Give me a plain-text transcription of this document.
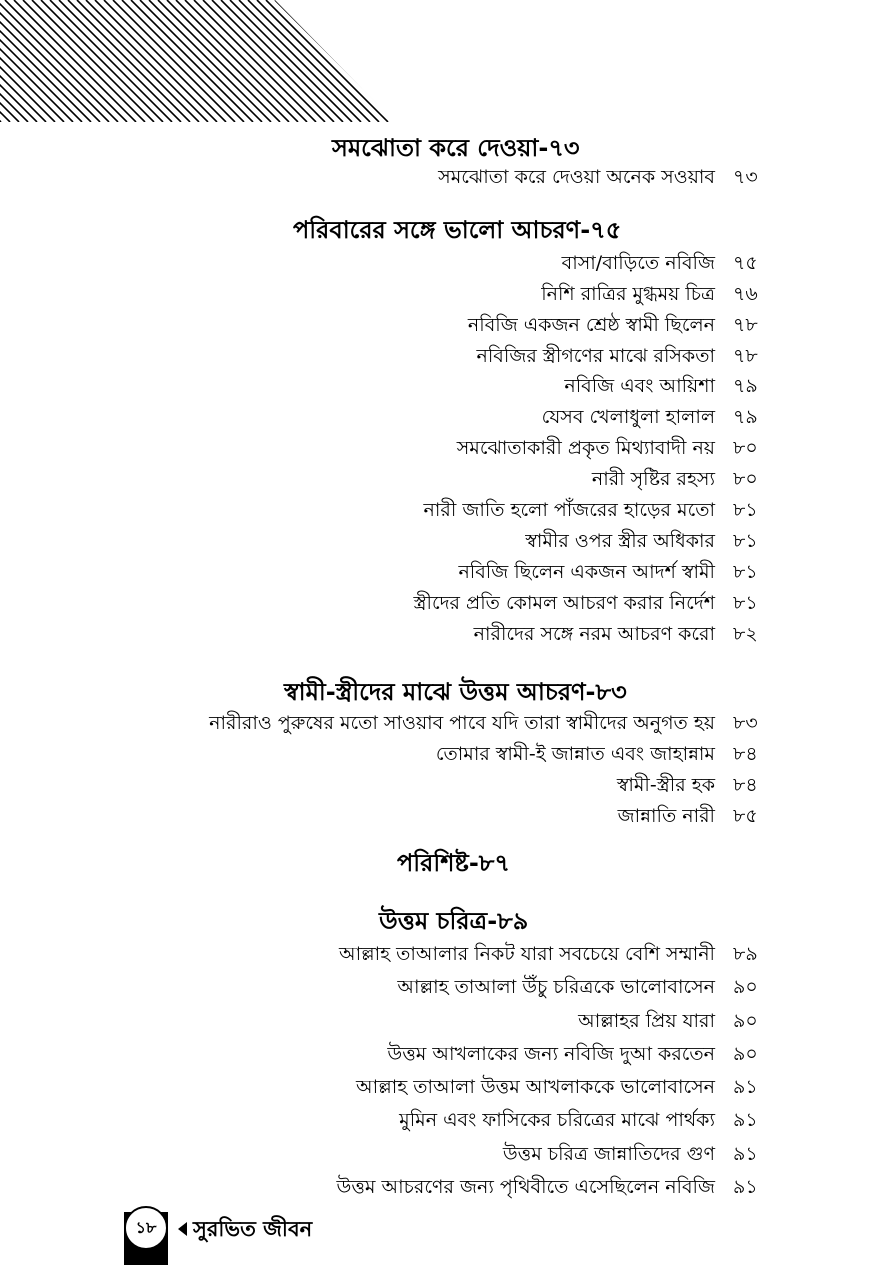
সমঝোতা করে দেওয়া-৭৩
সমঝোতা করে দেওয়া অনেক সওয়াব ৭৩
পরিবারের সঙ্গে ভালো আচরণ-৭৫
বাসা/বাড়িতে নবিজি ৭৫
নিশি রাত্রির মুগ্ধময় চিত্র ৭৬
নবিজি একজন শ্রেষ্ঠ স্বামী ছিলেন ৭৮
নবিজির স্ত্রীগণের মাঝে রসিকতা ৭৮
নবিজি এবং আয়িশা ৭৯
যেসব খেলাধুলা হালাল ৭৯
সমঝোতাকারী প্রকৃত মিথ্যাবাদী নয় ৮০
নারী সৃষ্টির রহস্য ৮০
নারী জাতি হলো পাঁজরের হাড়ের মতো ৮১
স্বামীর ওপর স্ত্রীর অধিকার ৮১
নবিজি ছিলেন একজন আদর্শ স্বামী ৮১
স্ত্রীদের প্রতি কোমল আচরণ করার নির্দেশ ৮১
নারীদের সঙ্গে নরম আচরণ করো ৮২
স্বামী-স্ত্রীদের মাঝে উত্তম আচরণ-৮৩
নারীরাও পুরুষের মতো সাওয়াব পাবে যদি তারা স্বামীদের অনুগত হয় ৮৩
তোমার স্বামী-ই জান্নাত এবং জাহান্নাম ৮৪
স্বামী-স্ত্রীর হক ৮৪
জান্নাতি নারী ৮৫
পরিশিষ্ট-৮৭
উত্তম চরিত্র-৮৯
আল্লাহ তাআলার নিকট যারা সবচেয়ে বেশি সম্মানী ৮৯
আল্লাহ তাআলা উঁচু চরিত্রকে ভালোবাসেন ৯০
আল্লাহর প্রিয় যারা ৯০
উত্তম আখলাকের জন্য নবিজি দুআ করতেন ৯০
আল্লাহ তাআলা উত্তম আখলাককে ভালোবাসেন ৯১
মুমিন এবং ফাসিকের চরিত্রের মাঝে পার্থক্য ৯১
উত্তম চরিত্র জান্নাতিদের গুণ ৯১
উত্তম আচরণের জন্য পৃথিবীতে এসেছিলেন নবিজি ৯১
১৮	সুরভিত জীবন
